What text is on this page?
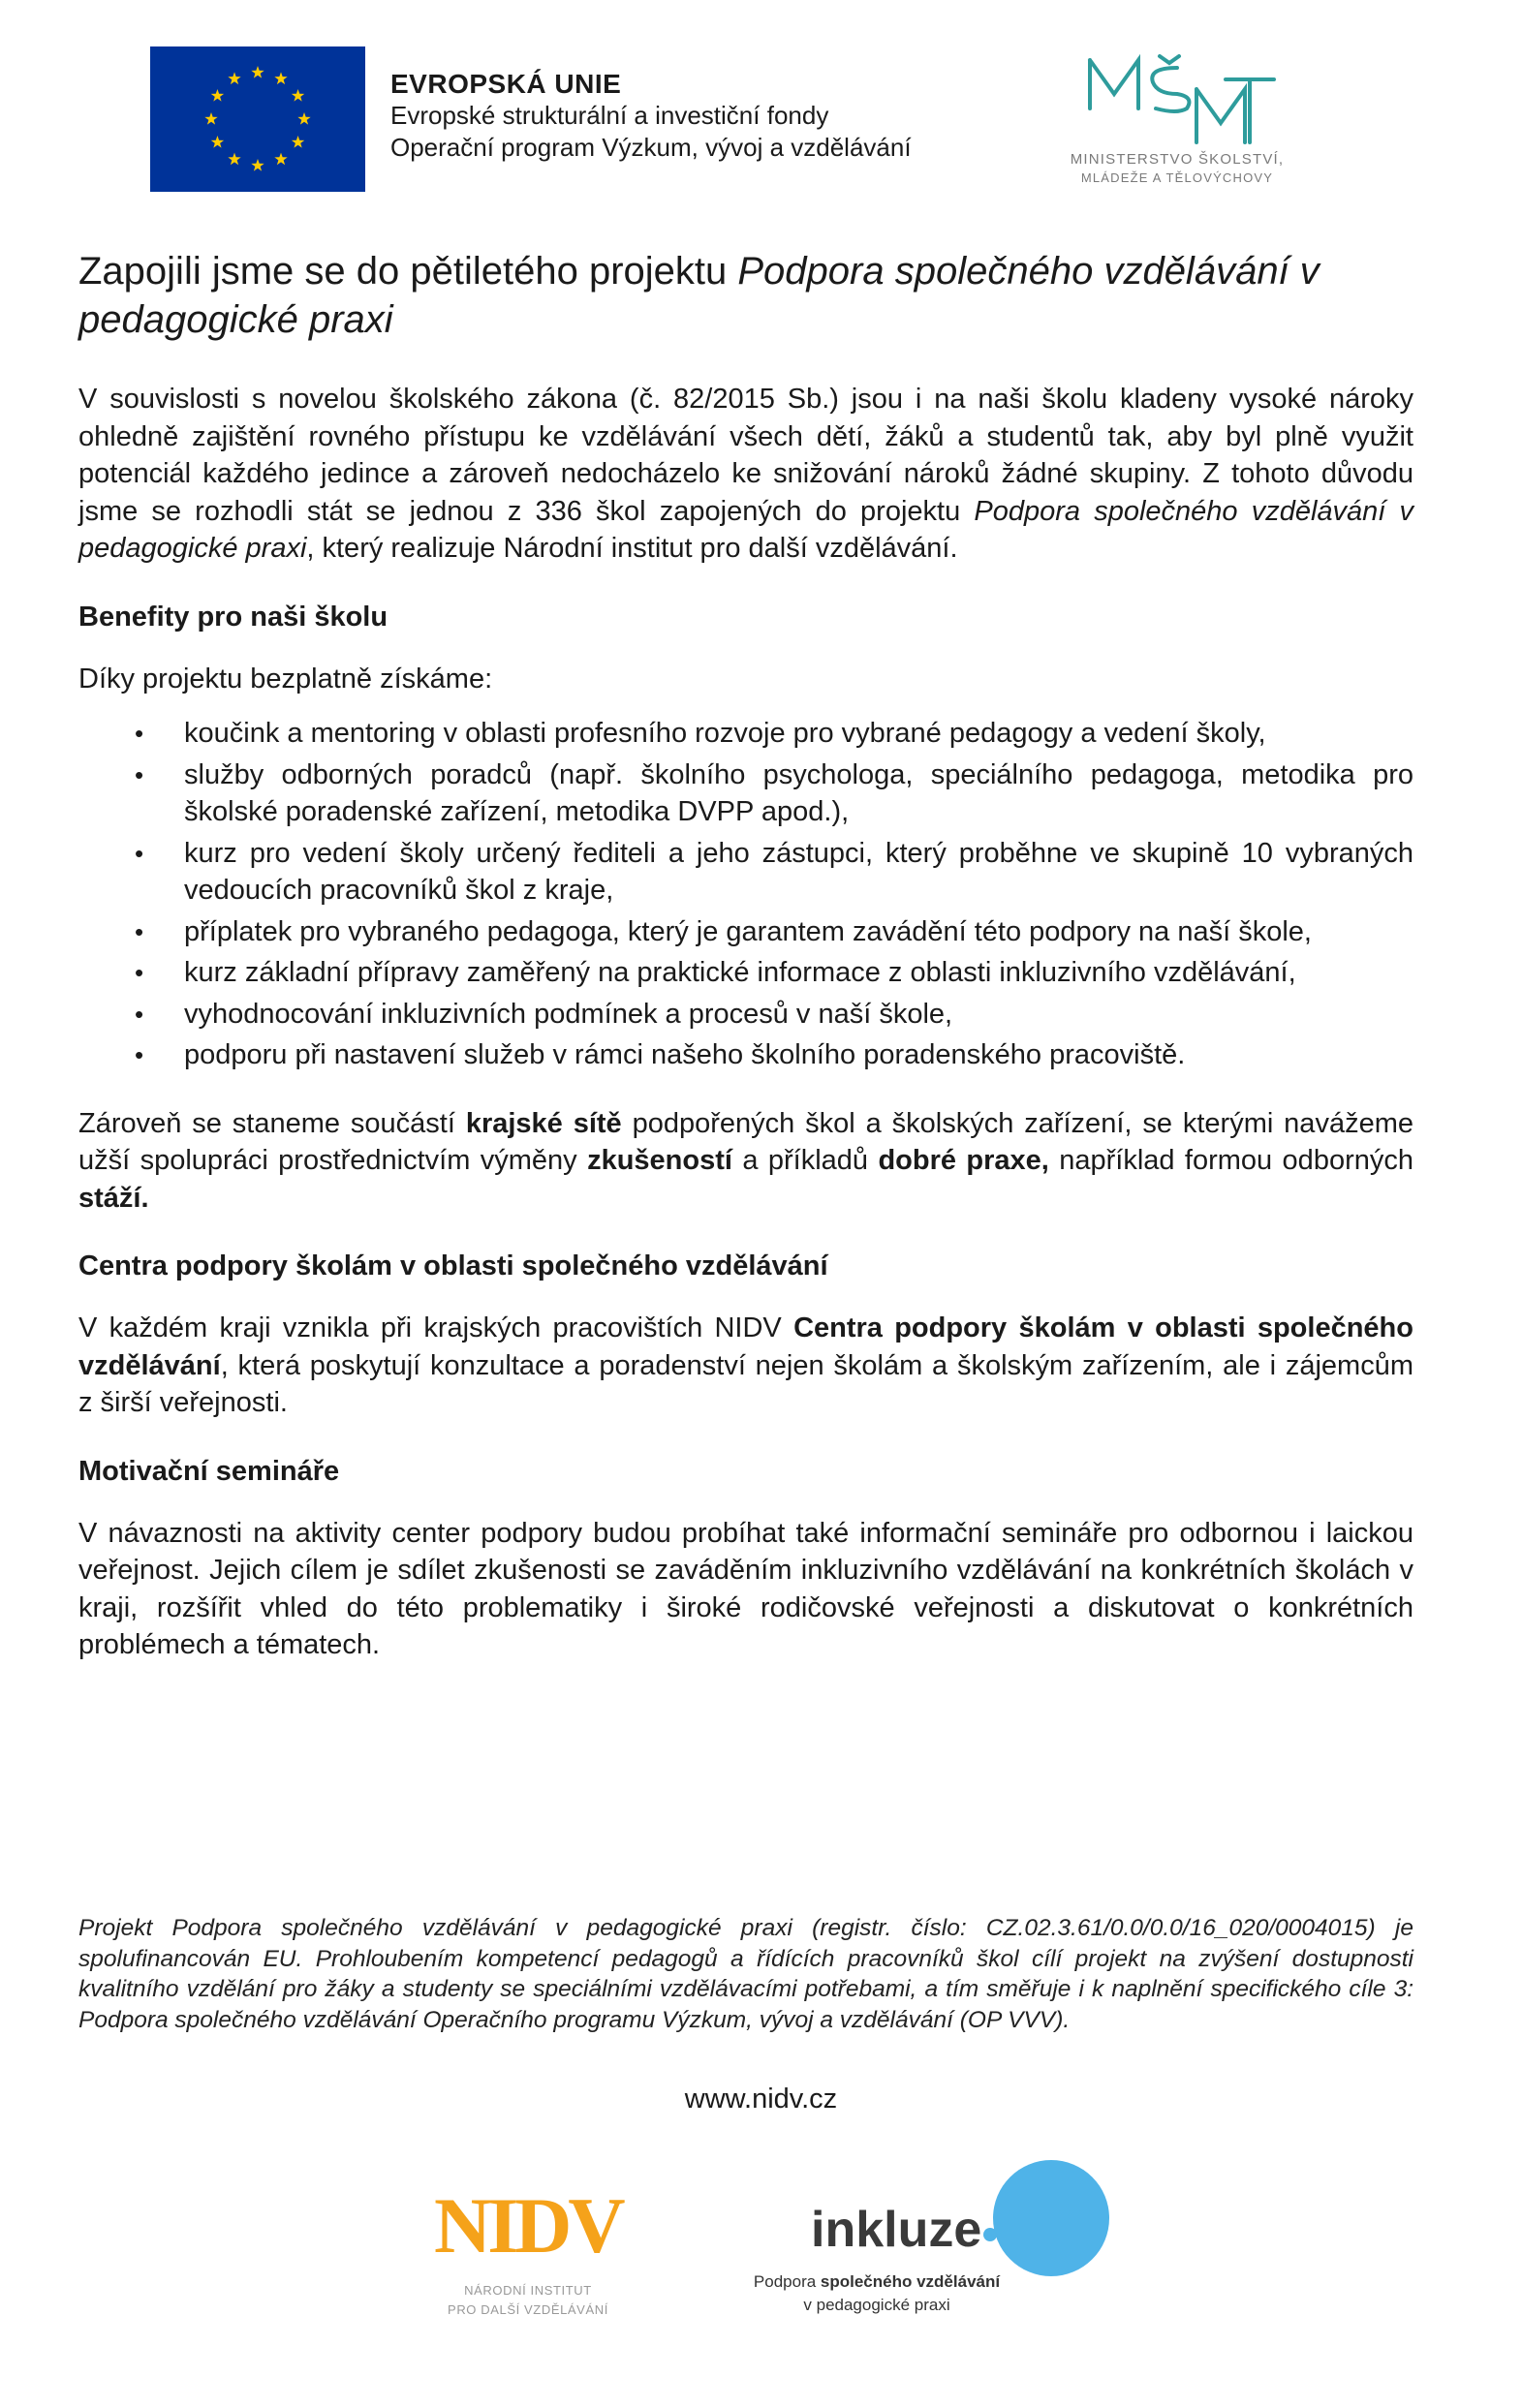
EVROPSKÁ UNIE
Evropské strukturální a investiční fondy
Operační program Výzkum, vývoj a vzdělávání	MINISTERSTVO ŠKOLSTVÍ,
MLÁDEŽE A TĚLOVÝCHOVY
Zapojili jsme se do pětiletého projektu Podpora společného vzdělávání v pedagogické praxi

V souvislosti s novelou školského zákona (č. 82/2015 Sb.) jsou i na naši školu kladeny vysoké nároky ohledně zajištění rovného přístupu ke vzdělávání všech dětí, žáků a studentů tak, aby byl plně využit potenciál každého jedince a zároveň nedocházelo ke snižování nároků žádné skupiny. Z tohoto důvodu jsme se rozhodli stát se jednou z 336 škol zapojených do projektu Podpora společného vzdělávání v pedagogické praxi, který realizuje Národní institut pro další vzdělávání.

Benefity pro naši školu

Díky projektu bezplatně získáme:

• koučink a mentoring v oblasti profesního rozvoje pro vybrané pedagogy a vedení školy,
• služby odborných poradců (např. školního psychologa, speciálního pedagoga, metodika pro školské poradenské zařízení, metodika DVPP apod.),
• kurz pro vedení školy určený řediteli a jeho zástupci, který proběhne ve skupině 10 vybraných vedoucích pracovníků škol z kraje,
• příplatek pro vybraného pedagoga, který je garantem zavádění této podpory na naší škole,
• kurz základní přípravy zaměřený na praktické informace z oblasti inkluzivního vzdělávání,
• vyhodnocování inkluzivních podmínek a procesů v naší škole,
• podporu při nastavení služeb v rámci našeho školního poradenského pracoviště.

Zároveň se staneme součástí krajské sítě podpořených škol a školských zařízení, se kterými navážeme užší spolupráci prostřednictvím výměny zkušeností a příkladů dobré praxe, například formou odborných stáží.

Centra podpory školám v oblasti společného vzdělávání

V každém kraji vznikla při krajských pracovištích NIDV Centra podpory školám v oblasti společného vzdělávání, která poskytují konzultace a poradenství nejen školám a školským zařízením, ale i zájemcům z širší veřejnosti.

Motivační semináře

V návaznosti na aktivity center podpory budou probíhat také informační semináře pro odbornou i laickou veřejnost. Jejich cílem je sdílet zkušenosti se zaváděním inkluzivního vzdělávání na konkrétních školách v kraji, rozšířit vhled do této problematiky i široké rodičovské veřejnosti a diskutovat o konkrétních problémech a tématech.

Projekt Podpora společného vzdělávání v pedagogické praxi (registr. číslo: CZ.02.3.61/0.0/0.0/16_020/0004015) je spolufinancován EU. Prohloubením kompetencí pedagogů a řídících pracovníků škol cílí projekt na zvýšení dostupnosti kvalitního vzdělání pro žáky a studenty se speciálními vzdělávacími potřebami, a tím směřuje i k naplnění specifického cíle 3: Podpora společného vzdělávání Operačního programu Výzkum, vývoj a vzdělávání (OP VVV).

www.nidv.cz
NIDV
NÁRODNÍ INSTITUT
PRO DALŠÍ VZDĚLÁVÁNÍ
inkluze
Podpora společného vzdělávání
v pedagogické praxi
